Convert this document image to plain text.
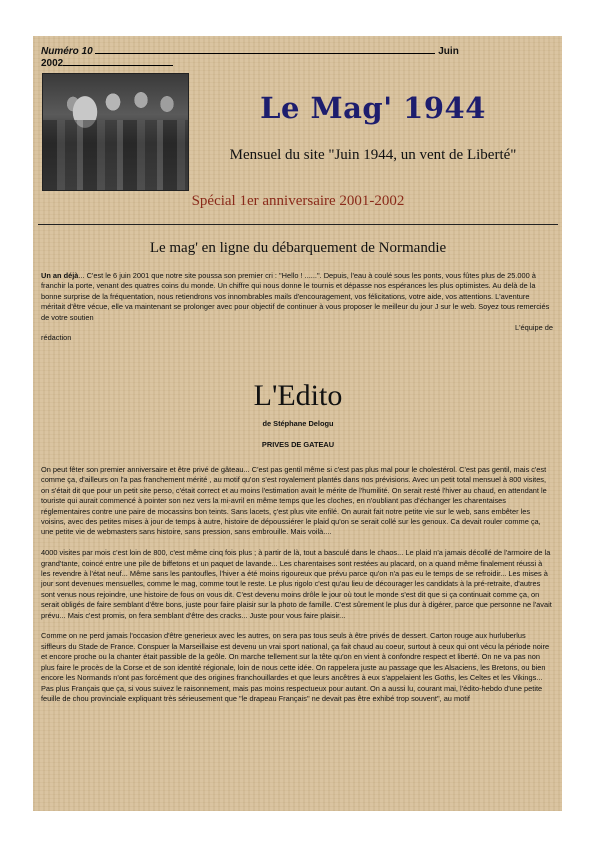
Numéro 10	Juin
2002
Le Mag' 1944
Mensuel du site "Juin 1944, un vent de Liberté"
Spécial 1er anniversaire 2001-2002
Le mag' en ligne du débarquement de Normandie
Un an déjà... C'est le 6 juin 2001 que notre site poussa son premier cri : "Hello ! ......". Depuis, l'eau à coulé sous les ponts, vous fûtes plus de 25.000 à franchir la porte, venant des quatres coins du monde. Un chiffre qui nous donne le tournis et dépasse nos espérances les plus optimistes. Au delà de la bonne surprise de la fréquentation, nous retiendrons vos innombrables mails d'encouragement, vos félicitations, votre aide, vos attentions. L'aventure méritait d'être vécue, elle va maintenant se prolonger avec pour objectif de continuer à vous proposer le meilleur du jour J sur le web. Soyez tous remerciés de votre soutien
L'équipe de
rédaction
L'Edito
de Stéphane Delogu
PRIVES DE GATEAU

On peut fêter son premier anniversaire et être privé de gâteau... C'est pas gentil même si c'est pas plus mal pour le cholestérol. C'est pas gentil, mais c'est comme ça, d'ailleurs on l'a pas franchement mérité , au motif qu'on s'est royalement plantés dans nos prévisions. Avec un petit total mensuel à 800 visites, on s'était dit que pour un petit site perso, c'était correct et au moins l'estimation avait le mérite de l'humilité. On serait resté l'hiver au chaud, en attendant le touriste qui aurait commencé à pointer son nez vers la mi-avril en même temps que les cloches, en n'oubliant pas d'échanger les charentaises réglementaires contre une paire de mocassins bon teints. Sans lacets, ç'est plus vite enfilé. On aurait fait notre petite vie sur le web, sans embêter les voisins, avec des petites mises à jour de temps à autre, histoire de dépoussiérer le plaid qu'on se serait collé sur les genoux. Ca devait rouler comme ça, une petite vie de webmasters sans histoire, sans pression, sans embrouille. Mais voilà....

4000 visites par mois c'est loin de 800, c'est même cinq fois plus ; à partir de là, tout a basculé dans le chaos... Le plaid n'a jamais décollé de l'armoire de la grand'tante, coincé entre une pile de biffetons et un paquet de lavande... Les charentaises sont restées au placard, on a quand même finalement réussi à les revendre à l'état neuf... Même sans les pantoufles, l'hiver a été moins rigoureux que prévu parce qu'on n'a pas eu le temps de se refroidir... Les mises à jour sont devenues mensuelles, comme le mag, comme tout le reste. Le plus rigolo c'est qu'au lieu de décourager les candidats à la pré-retraite, d'autres sont venus nous rejoindre, une histoire de fous on vous dit. C'est devenu moins drôle le jour où tout le monde s'est dit que si ça continuait comme ça, on serait obligés de faire semblant d'être bons, juste pour faire plaisir sur la photo de famille. C'est sûrement le plus dur à digérer, parce que personne ne l'avait prévu... Mais c'est promis, on fera semblant d'être des cracks... Juste pour vous faire plaisir...

Comme on ne perd jamais l'occasion d'être generieux avec les autres, on sera pas tous seuls à être privés de dessert. Carton rouge aux hurluberlus siffleurs du Stade de France. Conspuer la Marseillaise est devenu un vrai sport national, ça fait chaud au coeur, surtout à ceux qui ont vécu la période noire et encore proche ou la chanter était passible de la geôle. On marche tellement sur la tête qu'on en vient à confondre respect et liberté. On ne va pas non plus faire le procès de la Corse et de son identité régionale, loin de nous cette idée. On rappelera juste au passage que les Alsaciens, les Bretons, ou bien encore les Normands n'ont pas forcément que des origines franchouillardes et que leurs ancêtres à eux s'appelaient les Goths, les Celtes et les Vikings... Pas plus Français que ça, si vous suivez le raisonnement, mais pas moins respectueux pour autant. On a aussi lu, courant mai, l'édito-hebdo d'une petite feuille de chou provinciale expliquant très sérieusement que "le drapeau Français" ne devait pas être exhibé trop souvent", au motif
